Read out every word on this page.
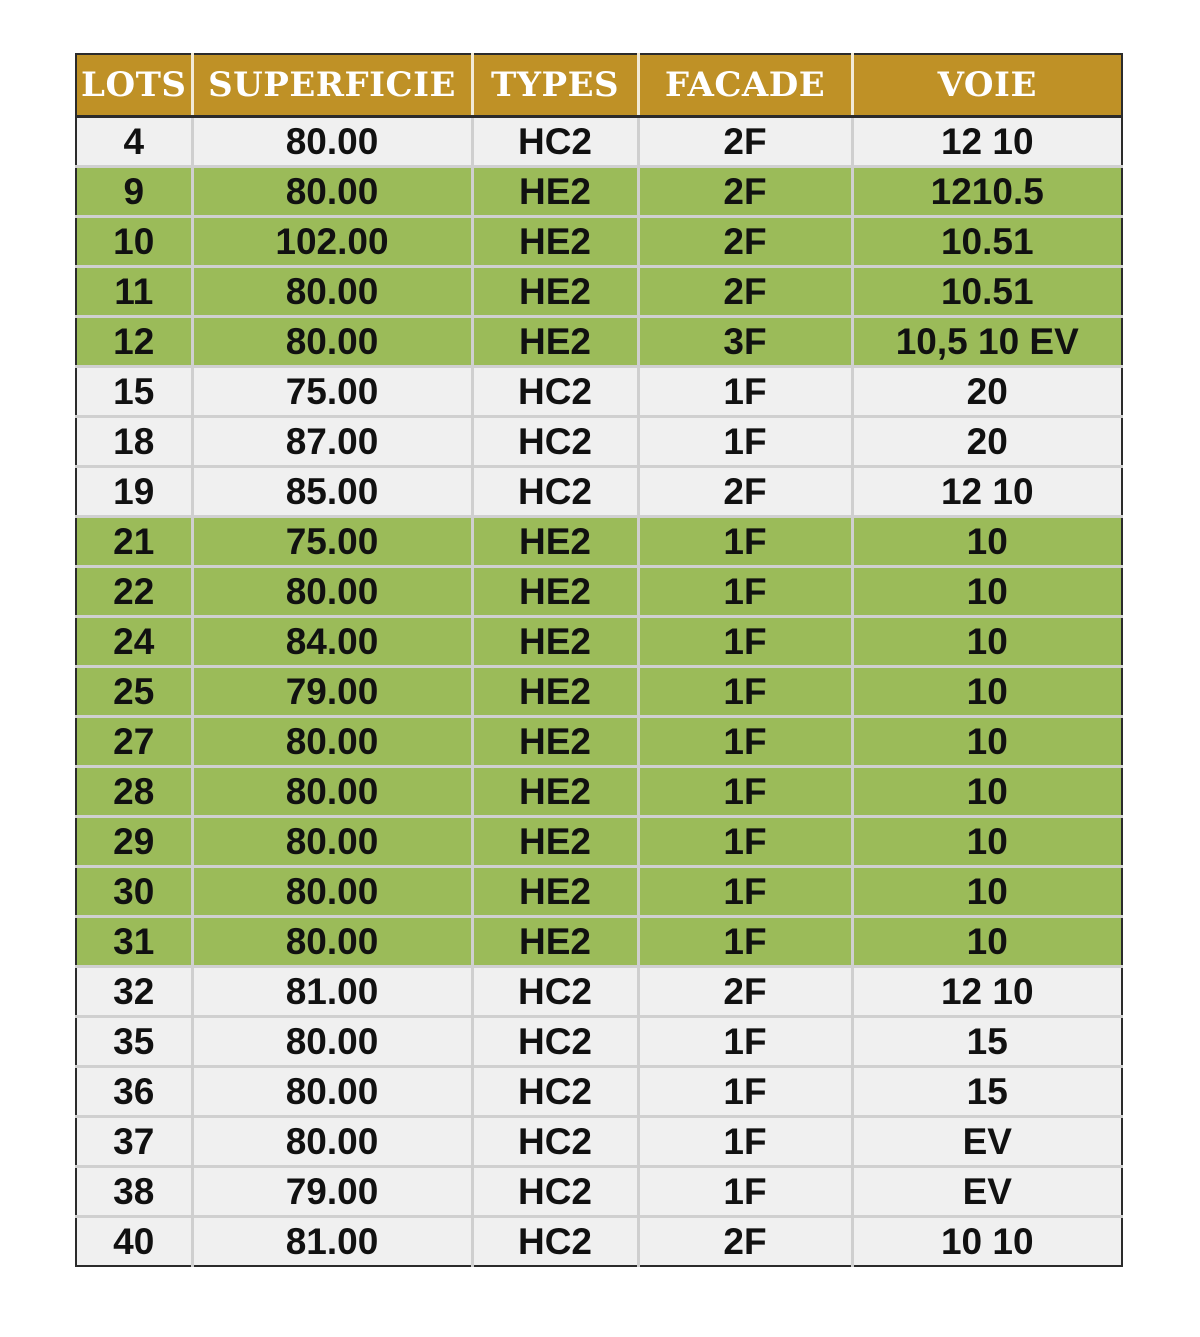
LOTS	SUPERFICIE	TYPES	FACADE	VOIE
4	80.00	HC2	2F	12 10
9	80.00	HE2	2F	1210.5
10	102.00	HE2	2F	10.51
11	80.00	HE2	2F	10.51
12	80.00	HE2	3F	10,5 10 EV
15	75.00	HC2	1F	20
18	87.00	HC2	1F	20
19	85.00	HC2	2F	12 10
21	75.00	HE2	1F	10
22	80.00	HE2	1F	10
24	84.00	HE2	1F	10
25	79.00	HE2	1F	10
27	80.00	HE2	1F	10
28	80.00	HE2	1F	10
29	80.00	HE2	1F	10
30	80.00	HE2	1F	10
31	80.00	HE2	1F	10
32	81.00	HC2	2F	12 10
35	80.00	HC2	1F	15
36	80.00	HC2	1F	15
37	80.00	HC2	1F	EV
38	79.00	HC2	1F	EV
40	81.00	HC2	2F	10 10
